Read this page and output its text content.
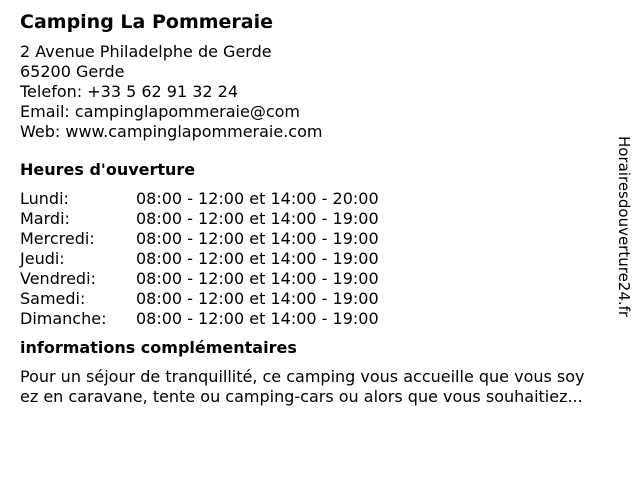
Camping La Pommeraie
2 Avenue Philadelphe de Gerde
65200 Gerde
Telefon: +33 5 62 91 32 24
Email: campinglapommeraie@com
Web: www.campinglapommeraie.com
Heures d'ouverture
Lundi:	08:00 - 12:00 et 14:00 - 20:00
Mardi:	08:00 - 12:00 et 14:00 - 19:00
Mercredi:	08:00 - 12:00 et 14:00 - 19:00
Jeudi:	08:00 - 12:00 et 14:00 - 19:00
Vendredi:	08:00 - 12:00 et 14:00 - 19:00
Samedi:	08:00 - 12:00 et 14:00 - 19:00
Dimanche:	08:00 - 12:00 et 14:00 - 19:00
informations complémentaires
Pour un séjour de tranquillité, ce camping vous accueille que vous soy
ez en caravane, tente ou camping-cars ou alors que vous souhaitiez...
Horairesdouverture24.fr
